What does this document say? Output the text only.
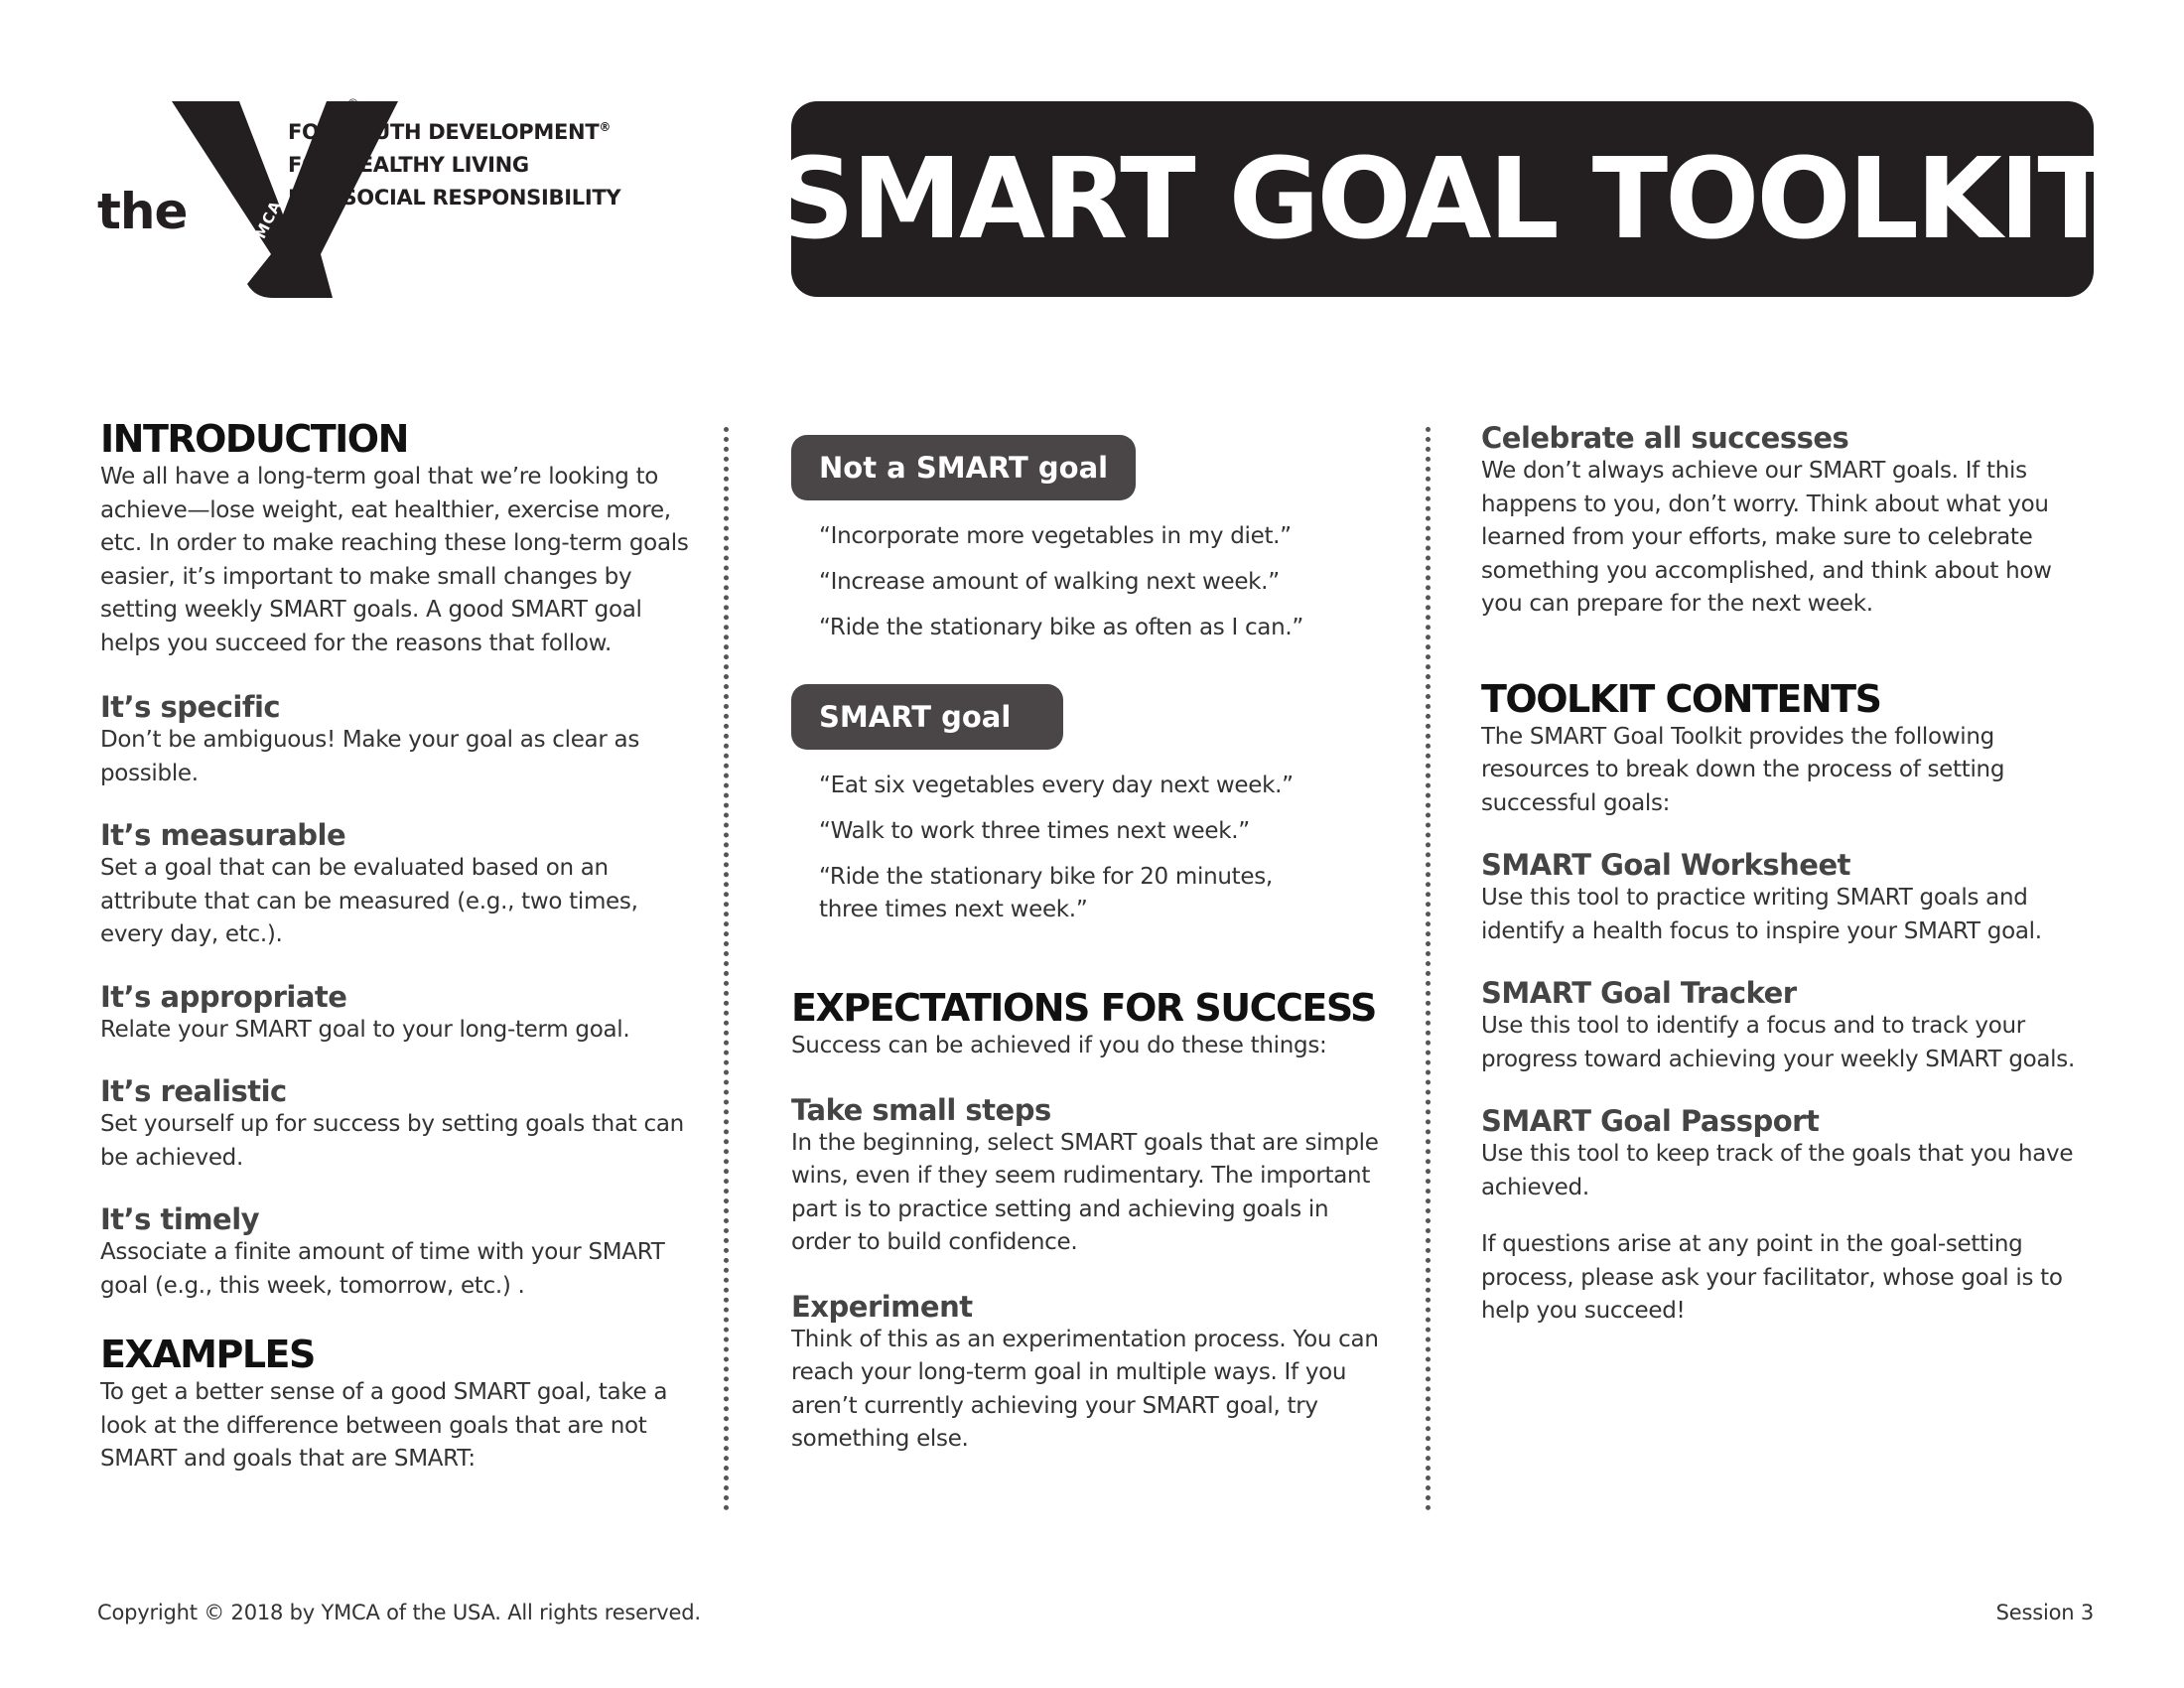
the	YMCA
®
FOR YOUTH DEVELOPMENT®
FOR HEALTHY LIVING
FOR SOCIAL RESPONSIBILITY SMART GOAL TOOLKIT
INTRODUCTION

We all have a long-term goal that we’re looking to achieve—lose weight, eat healthier, exercise more, etc. In order to make reaching these long-term goals easier, it’s important to make small changes by setting weekly SMART goals. A good SMART goal helps you succeed for the reasons that follow.

It’s specific

Don’t be ambiguous! Make your goal as clear as possible.

It’s measurable

Set a goal that can be evaluated based on an attribute that can be measured (e.g., two times, every day, etc.).

It’s appropriate

Relate your SMART goal to your long-term goal.

It’s realistic

Set yourself up for success by setting goals that can be achieved.

It’s timely

Associate a finite amount of time with your SMART goal (e.g., this week, tomorrow, etc.) .

EXAMPLES

To get a better sense of a good SMART goal, take a look at the difference between goals that are not SMART and goals that are SMART:

Not a SMART goal

“Incorporate more vegetables in my diet.”

“Increase amount of walking next week.”

“Ride the stationary bike as often as I can.”

SMART goal

“Eat six vegetables every day next week.”

“Walk to work three times next week.”

“Ride the stationary bike for 20 minutes, three times next week.”

EXPECTATIONS FOR SUCCESS

Success can be achieved if you do these things:

Take small steps

In the beginning, select SMART goals that are simple wins, even if they seem rudimentary. The important part is to practice setting and achieving goals in order to build confidence.

Experiment

Think of this as an experimentation process. You can reach your long-term goal in multiple ways. If you aren’t currently achieving your SMART goal, try something else.

Celebrate all successes

We don’t always achieve our SMART goals. If this happens to you, don’t worry. Think about what you learned from your efforts, make sure to celebrate something you accomplished, and think about how you can prepare for the next week.

TOOLKIT CONTENTS

The SMART Goal Toolkit provides the following resources to break down the process of setting successful goals:

SMART Goal Worksheet

Use this tool to practice writing SMART goals and identify a health focus to inspire your SMART goal.

SMART Goal Tracker

Use this tool to identify a focus and to track your progress toward achieving your weekly SMART goals.

SMART Goal Passport

Use this tool to keep track of the goals that you have achieved.

If questions arise at any point in the goal-setting process, please ask your facilitator, whose goal is to help you succeed!

Copyright © 2018 by YMCA of the USA. All rights reserved.	Session 3
